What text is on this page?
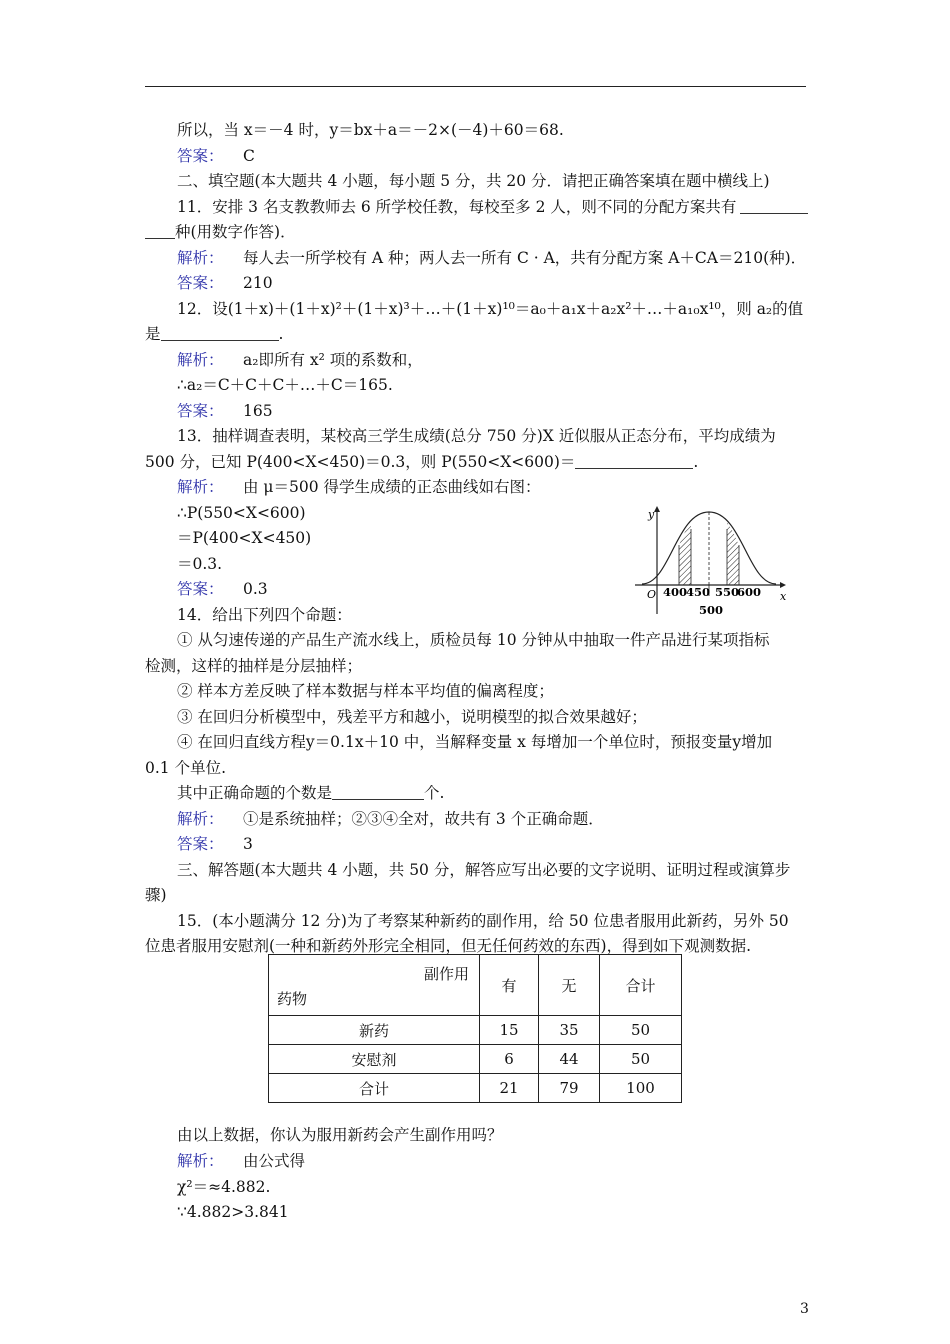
所以，当 x＝－4 时，y＝bx＋a＝－2×(－4)＋60＝68.
答案： C
二、填空题(本大题共 4 小题，每小题 5 分，共 20 分．请把正确答案填在题中横线上)
11．安排 3 名支教教师去 6 所学校任教，每校至多 2 人，则不同的分配方案共有
种(用数字作答)．
解析： 每人去一所学校有 A 种；两人去一所有 C · A，共有分配方案 A＋CA＝210(种)．
答案： 210
12．设(1＋x)＋(1＋x)²＋(1＋x)³＋…＋(1＋x)¹⁰＝a₀＋a₁x＋a₂x²＋…＋a₁₀x¹⁰，则 a₂的值
是	.
解析： a₂即所有 x² 项的系数和，
∴a₂＝C＋C＋C＋…＋C＝165.
答案： 165
13．抽样调查表明，某校高三学生成绩(总分 750 分)X 近似服从正态分布，平均成绩为
500 分，已知 P(400<X<450)＝0.3，则 P(550<X<600)＝	.
解析： 由 μ＝500 得学生成绩的正态曲线如右图：
∴P(550<X<600)
＝P(400<X<450)
＝0.3.
答案： 0.3
y
x
O 400
450 550
600
500
14．给出下列四个命题：
① 从匀速传递的产品生产流水线上，质检员每 10 分钟从中抽取一件产品进行某项指标
检测，这样的抽样是分层抽样；
② 样本方差反映了样本数据与样本平均值的偏离程度；
③ 在回归分析模型中，残差平方和越小，说明模型的拟合效果越好；
④ 在回归直线方程y＝0.1x＋10 中，当解释变量 x 每增加一个单位时，预报变量y增加
0.1 个单位.
其中正确命题的个数是	个.
解析： ①是系统抽样；②③④全对，故共有 3 个正确命题．
答案： 3
三、解答题(本大题共 4 小题，共 50 分，解答应写出必要的文字说明、证明过程或演算步
骤)
15．(本小题满分 12 分)为了考察某种新药的副作用，给 50 位患者服用此新药，另外 50
位患者服用安慰剂(一种和新药外形完全相同，但无任何药效的东西)，得到如下观测数据.
副作用
药物	有	无	合计
新药	15	35	50
安慰剂	6	44	50
合计	21	79	100
由以上数据，你认为服用新药会产生副作用吗？
解析： 由公式得
χ²＝≈4.882.
∵4.882>3.841
3
